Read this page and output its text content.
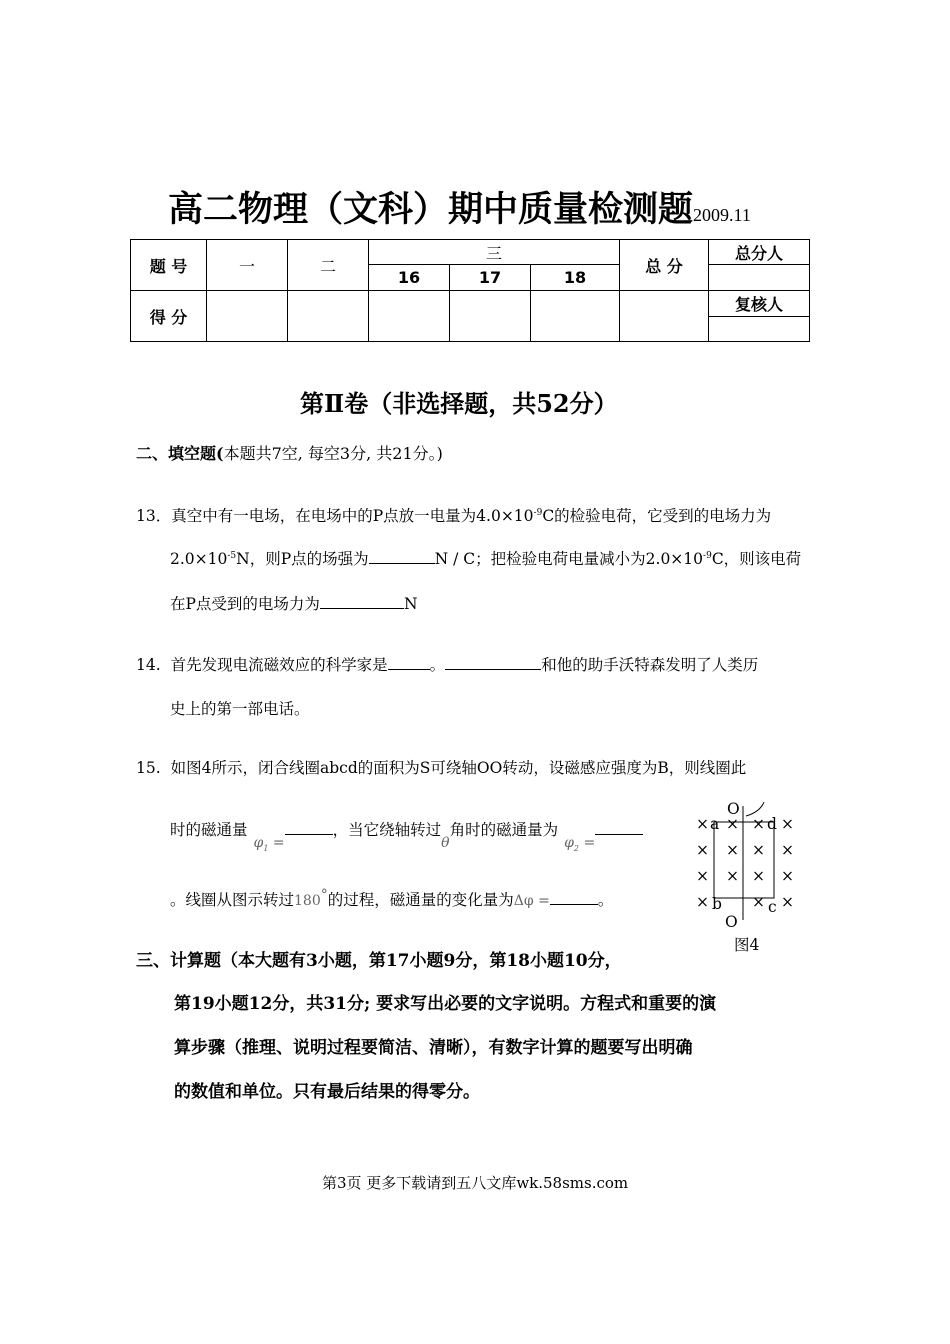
高二物理（文科）期中质量检测题2009.11
题 号	一	二	三			总 分	总分人
			16	17	18		
得 分							复核人

第Ⅱ卷（非选择题，共52分）
二、填空题(本题共7空, 每空3分, 共21分。)
13．真空中有一电场，在电场中的P点放一电量为$4.0\times 10^{-9}C$的检验电荷，它受到的电场力为
$2.0\times 10^{-5}N$，则P点的场强为	N / C；把检验电荷电量减小为$2.0\times 10^{-9}C$，则该电荷
在P点受到的电场力为	N
14. 首先发现电流磁效应的科学家是	。	和他的助手沃特森发明了人类历
史上的第一部电话。
15. 如图4所示，闭合线圈abcd的面积为S可绕轴OO转动，设磁感应强度为B，则线圈此
时的磁通量$\varphi_1$ =，当它绕轴转过θ角时的磁通量为$\varphi_2$ =
。线圈从图示转过180°的过程，磁通量的变化量为Δφ =	。
O
a	d
b	c
O
图4
× × × ×
× × × ×
× × × ×
×	× ×
三、计算题（本大题有3小题，第17小题9分，第18小题10分，
第19小题12分，共31分; 要求写出必要的文字说明。方程式和重要的演
算步骤（推理、说明过程要简洁、清晰），有数字计算的题要写出明确
的数值和单位。只有最后结果的得零分。
第3页 更多下载请到五八文库wk.58sms.com
